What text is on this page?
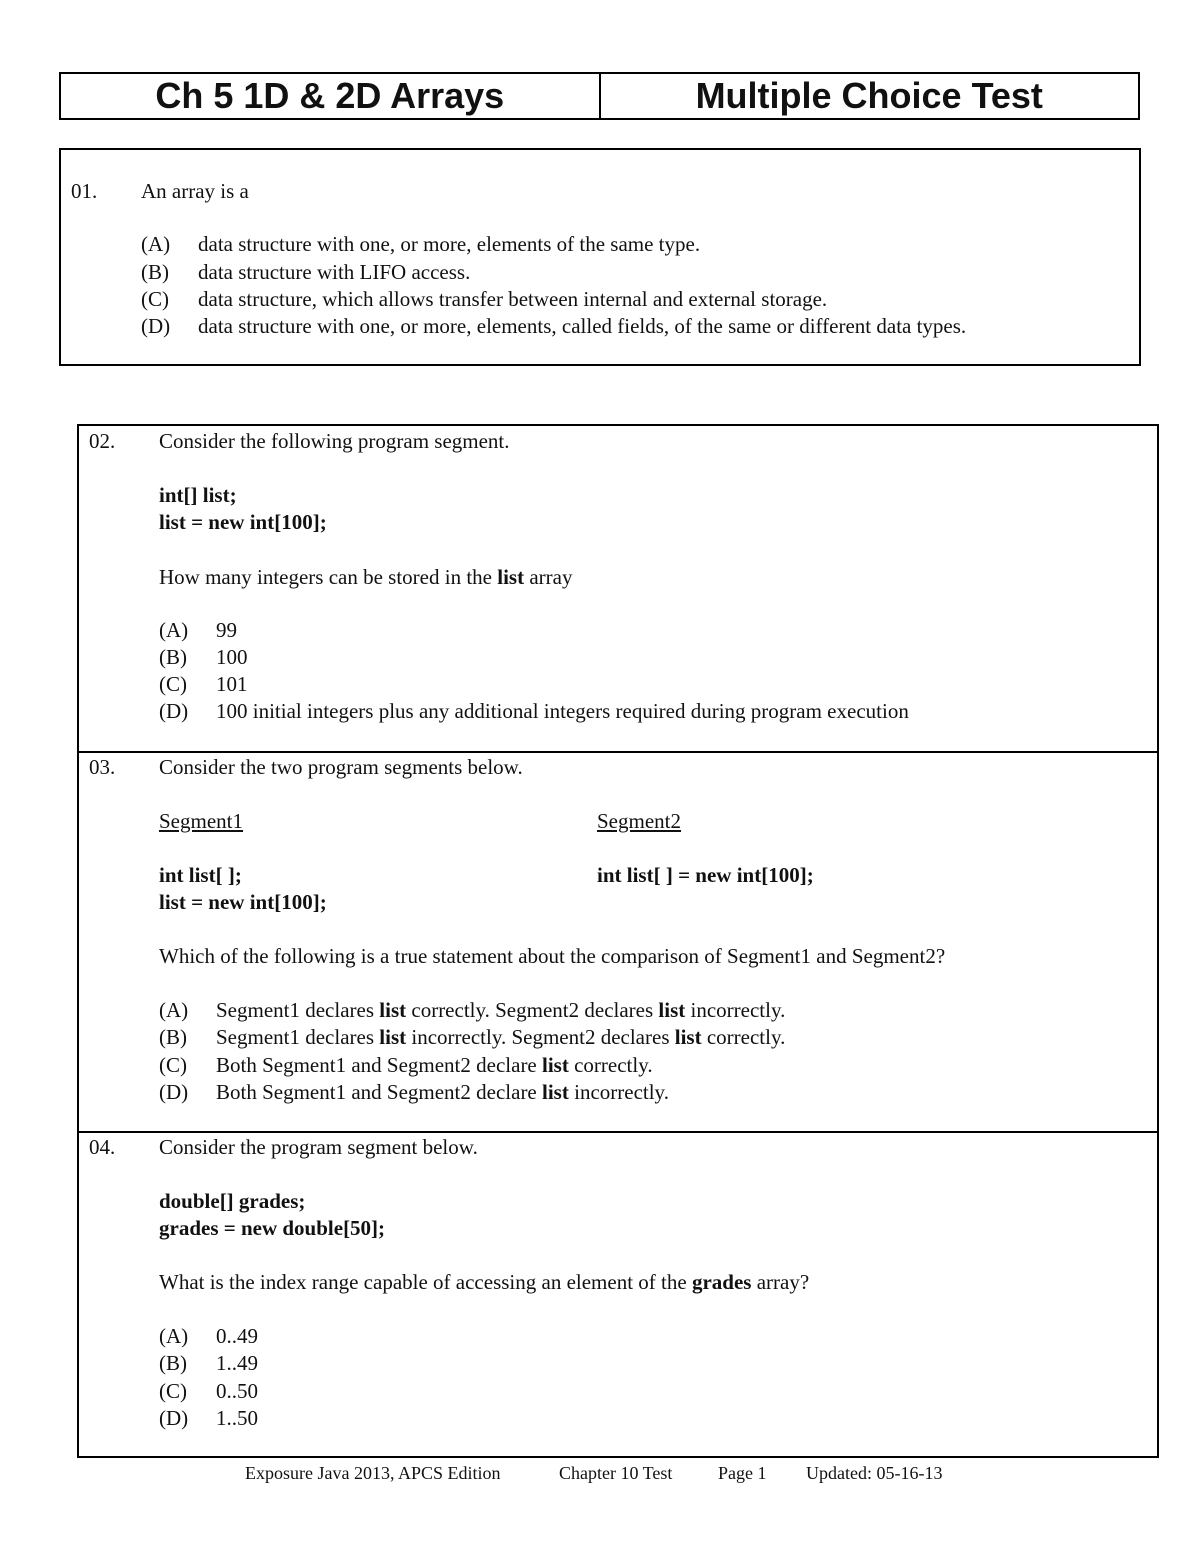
Ch 5 1D & 2D Arrays	Multiple Choice Test
01. An array is a
(A) data structure with one, or more, elements of the same type.
(B) data structure with LIFO access.
(C) data structure, which allows transfer between internal and external storage.
(D) data structure with one, or more, elements, called fields, of the same or different data types.
02. Consider the following program segment.
int[] list;
list = new int[100];
How many integers can be stored in the list array
(A) 99
(B) 100
(C) 101
(D) 100 initial integers plus any additional integers required during program execution
03. Consider the two program segments below.
Segment1	Segment2
int list[ ];	int list[ ] = new int[100];
list = new int[100];
Which of the following is a true statement about the comparison of Segment1 and Segment2?
(A) Segment1 declares list correctly. Segment2 declares list incorrectly.
(B) Segment1 declares list incorrectly. Segment2 declares list correctly.
(C) Both Segment1 and Segment2 declare list correctly.
(D) Both Segment1 and Segment2 declare list incorrectly.
04. Consider the program segment below.
double[] grades;
grades = new double[50];
What is the index range capable of accessing an element of the grades array?
(A) 0..49
(B) 1..49
(C) 0..50
(D) 1..50
Exposure Java 2013, APCS Edition	Chapter 10 Test	Page 1 Updated: 05-16-13
